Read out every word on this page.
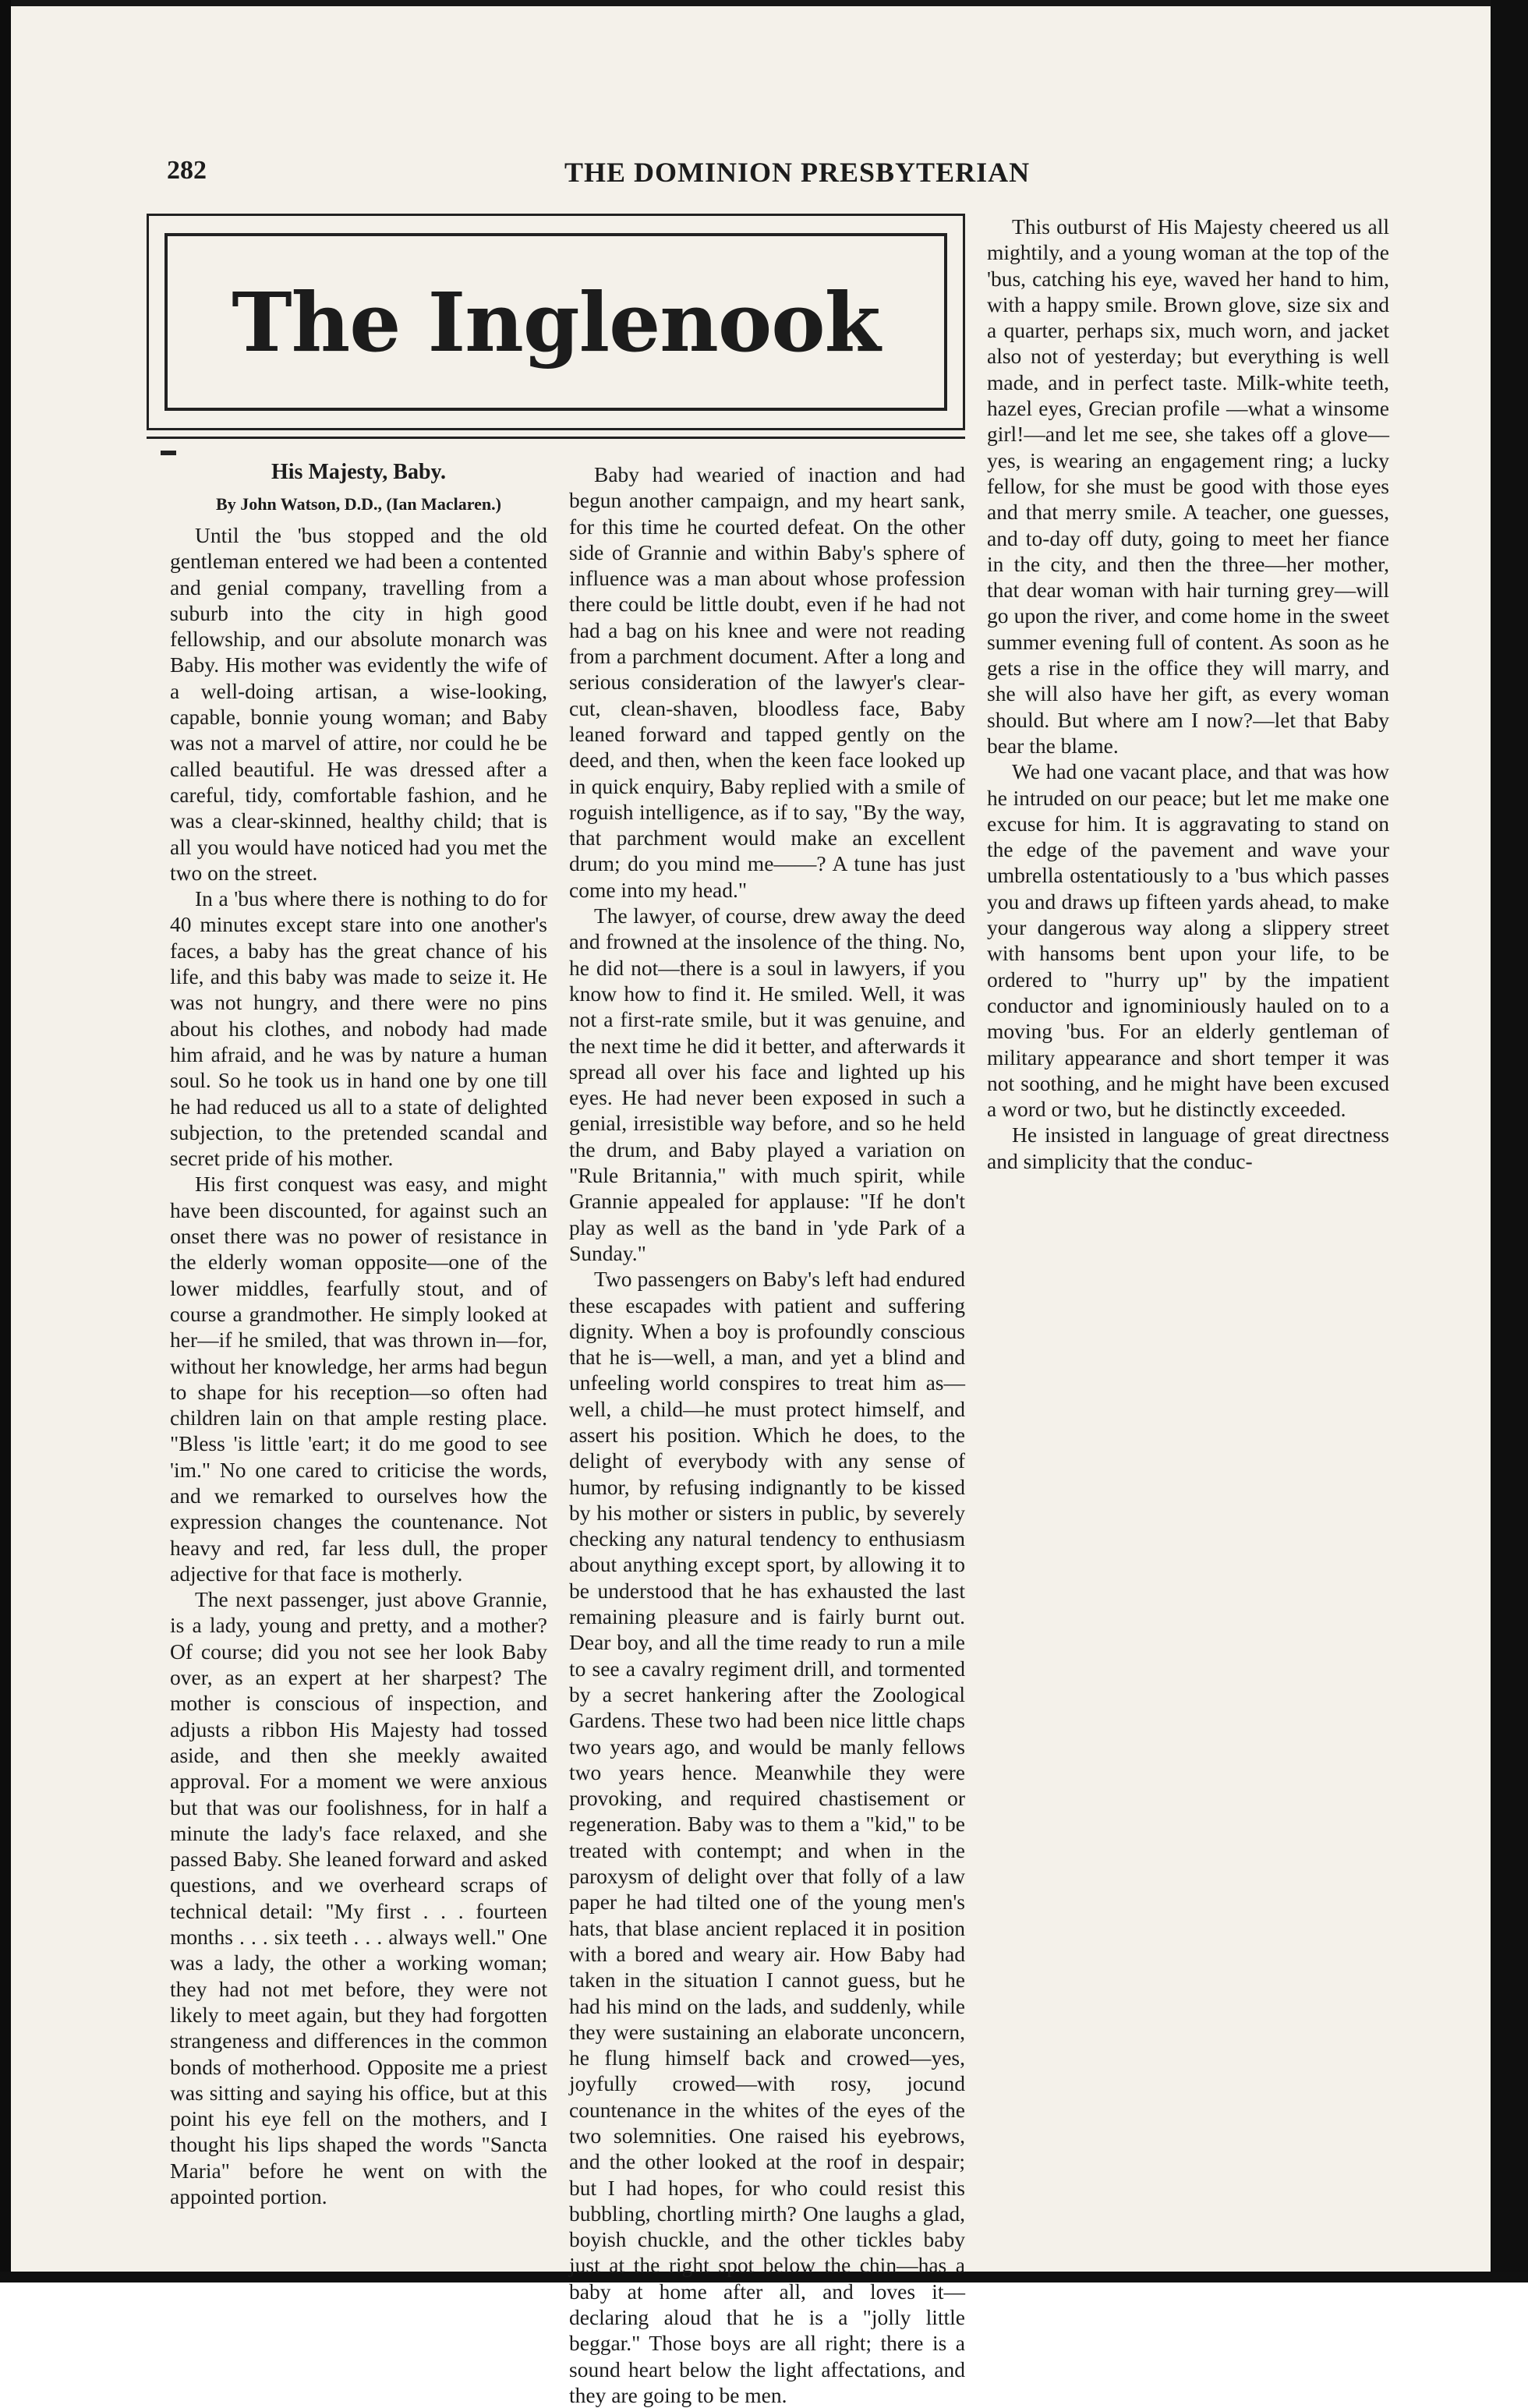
282	THE DOMINION PRESBYTERIAN
The Inglenook
His Majesty, Baby.
By John Watson, D.D., (Ian Maclaren.)

Until the 'bus stopped and the old gentleman entered we had been a contented and genial company, travelling from a suburb into the city in high good fellowship, and our absolute monarch was Baby. His mother was evidently the wife of a well-doing artisan, a wise-looking, capable, bonnie young woman; and Baby was not a marvel of attire, nor could he be called beautiful. He was dressed after a careful, tidy, comfortable fashion, and he was a clear-skinned, healthy child; that is all you would have noticed had you met the two on the street.

In a 'bus where there is nothing to do for 40 minutes except stare into one another's faces, a baby has the great chance of his life, and this baby was made to seize it. He was not hungry, and there were no pins about his clothes, and nobody had made him afraid, and he was by nature a human soul. So he took us in hand one by one till he had reduced us all to a state of delighted subjection, to the pretended scandal and secret pride of his mother.

His first conquest was easy, and might have been discounted, for against such an onset there was no power of resistance in the elderly woman opposite—one of the lower middles, fearfully stout, and of course a grandmother. He simply looked at her—if he smiled, that was thrown in—for, without her knowledge, her arms had begun to shape for his reception—so often had children lain on that ample resting place. "Bless 'is little 'eart; it do me good to see 'im." No one cared to criticise the words, and we remarked to ourselves how the expression changes the countenance. Not heavy and red, far less dull, the proper adjective for that face is motherly.

The next passenger, just above Grannie, is a lady, young and pretty, and a mother? Of course; did you not see her look Baby over, as an expert at her sharpest? The mother is conscious of inspection, and adjusts a ribbon His Majesty had tossed aside, and then she meekly awaited approval. For a moment we were anxious but that was our foolishness, for in half a minute the lady's face relaxed, and she passed Baby. She leaned forward and asked questions, and we overheard scraps of technical detail: "My first . . . fourteen months . . . six teeth . . . always well." One was a lady, the other a working woman; they had not met before, they were not likely to meet again, but they had forgotten strangeness and differences in the common bonds of motherhood. Opposite me a priest was sitting and saying his office, but at this point his eye fell on the mothers, and I thought his lips shaped the words "Sancta Maria" before he went on with the appointed portion.

Baby had wearied of inaction and had begun another campaign, and my heart sank, for this time he courted defeat. On the other side of Grannie and within Baby's sphere of influence was a man about whose profession there could be little doubt, even if he had not had a bag on his knee and were not reading from a parchment document. After a long and serious consideration of the lawyer's clear-cut, clean-shaven, bloodless face, Baby leaned forward and tapped gently on the deed, and then, when the keen face looked up in quick enquiry, Baby replied with a smile of roguish intelligence, as if to say, "By the way, that parchment would make an excellent drum; do you mind me——? A tune has just come into my head."

The lawyer, of course, drew away the deed and frowned at the insolence of the thing. No, he did not—there is a soul in lawyers, if you know how to find it. He smiled. Well, it was not a first-rate smile, but it was genuine, and the next time he did it better, and afterwards it spread all over his face and lighted up his eyes. He had never been exposed in such a genial, irresistible way before, and so he held the drum, and Baby played a variation on "Rule Britannia," with much spirit, while Grannie appealed for applause: "If he don't play as well as the band in 'yde Park of a Sunday."

Two passengers on Baby's left had endured these escapades with patient and suffering dignity. When a boy is profoundly conscious that he is—well, a man, and yet a blind and unfeeling world conspires to treat him as—well, a child—he must protect himself, and assert his position. Which he does, to the delight of everybody with any sense of humor, by refusing indignantly to be kissed by his mother or sisters in public, by severely checking any natural tendency to enthusiasm about anything except sport, by allowing it to be understood that he has exhausted the last remaining pleasure and is fairly burnt out. Dear boy, and all the time ready to run a mile to see a cavalry regiment drill, and tormented by a secret hankering after the Zoological Gardens. These two had been nice little chaps two years ago, and would be manly fellows two years hence. Meanwhile they were provoking, and required chastisement or regeneration. Baby was to them a "kid," to be treated with contempt; and when in the paroxysm of delight over that folly of a law paper he had tilted one of the young men's hats, that blase ancient replaced it in position with a bored and weary air. How Baby had taken in the situation I cannot guess, but he had his mind on the lads, and suddenly, while they were sustaining an elaborate unconcern, he flung himself back and crowed—yes, joyfully crowed—with rosy, jocund countenance in the whites of the eyes of the two solemnities. One raised his eyebrows, and the other looked at the roof in despair; but I had hopes, for who could resist this bubbling, chortling mirth? One laughs a glad, boyish chuckle, and the other tickles baby just at the right spot below the chin—has a baby at home after all, and loves it—declaring aloud that he is a "jolly little beggar." Those boys are all right; there is a sound heart below the light affectations, and they are going to be men.

This outburst of His Majesty cheered us all mightily, and a young woman at the top of the 'bus, catching his eye, waved her hand to him, with a happy smile. Brown glove, size six and a quarter, perhaps six, much worn, and jacket also not of yesterday; but everything is well made, and in perfect taste. Milk-white teeth, hazel eyes, Grecian profile —what a winsome girl!—and let me see, she takes off a glove—yes, is wearing an engagement ring; a lucky fellow, for she must be good with those eyes and that merry smile. A teacher, one guesses, and to-day off duty, going to meet her fiance in the city, and then the three—her mother, that dear woman with hair turning grey—will go upon the river, and come home in the sweet summer evening full of content. As soon as he gets a rise in the office they will marry, and she will also have her gift, as every woman should. But where am I now?—let that Baby bear the blame.

We had one vacant place, and that was how he intruded on our peace; but let me make one excuse for him. It is aggravating to stand on the edge of the pavement and wave your umbrella ostentatiously to a 'bus which passes you and draws up fifteen yards ahead, to make your dangerous way along a slippery street with hansoms bent upon your life, to be ordered to "hurry up" by the impatient conductor and ignominiously hauled on to a moving 'bus. For an elderly gentleman of military appearance and short temper it was not soothing, and he might have been excused a word or two, but he distinctly exceeded.

He insisted in language of great directness and simplicity that the conduc-
